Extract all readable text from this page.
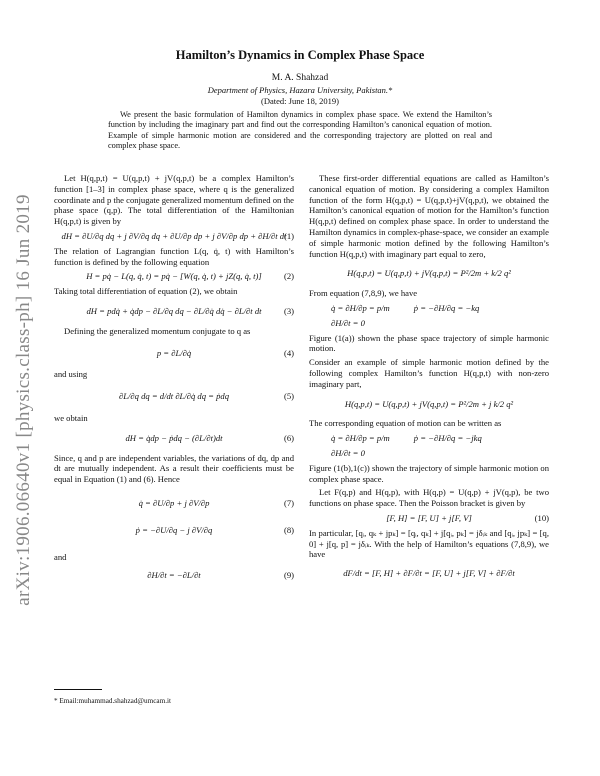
arXiv:1906.06640v1 [physics.class-ph] 16 Jun 2019
Hamilton’s Dynamics in Complex Phase Space
M. A. Shahzad
Department of Physics, Hazara University, Pakistan.*
(Dated: June 18, 2019)
We present the basic formulation of Hamilton dynamics in complex phase space. We extend the Hamilton’s function by including the imaginary part and find out the corresponding Hamilton’s canonical equation of motion. Example of simple harmonic motion are considered and the corresponding trajectory are plotted on real and complex phase space.

Let H(q,p,t) = U(q,p,t) + jV(q,p,t) be a complex Hamilton’s function [1–3] in complex phase space, where q is the generalized coordinate and p the conjugate generalized momentum defined on the phase space (q,p). The total differentiation of the Hamiltonian H(q,p,t) is given by

dH = ∂U/∂q dq + j ∂V/∂q dq + ∂U/∂p dp + j ∂V/∂p dp + ∂H/∂t dt
(1)

The relation of Lagrangian function L(q, q̇, t) with Hamilton’s function is defined by the following equation

H = pq̇ − L(q, q̇, t) = pq̇ − [W(q, q̇, t) + jZ(q, q̇, t)]	(2)

Taking total differentiation of equation (2), we obtain

dH = pdq̇ + q̇dp − ∂L/∂q dq − ∂L/∂q̇ dq̇ − ∂L/∂t dt	(3)

Defining the generalized momentum conjugate to q as

p = ∂L/∂q̇	(4)

and using

∂L/∂q dq = d/dt ∂L/∂q̇ dq = ṗdq	(5)

we obtain

dH = q̇dp − ṗdq − (∂L/∂t)dt	(6)

Since, q and p are independent variables, the variations of dq, dp and dt are mutually independent. As a result their coefficients must be equal in Equation (1) and (6). Hence

q̇ = ∂U/∂p + j ∂V/∂p	(7)
ṗ = −∂U/∂q − j ∂V/∂q	(8)

and

∂H/∂t = −∂L/∂t	(9)

These first-order differential equations are called as Hamilton’s canonical equation of motion. By considering a complex Hamilton function of the form H(q,p,t) = U(q,p,t)+jV(q,p,t), we obtained the Hamilton’s canonical equation of motion for the Hamilton’s function H(q,p,t) defined on complex phase space. In order to understand the Hamilton dynamics in complex-phase-space, we consider an example of simple harmonic motion defined by the following Hamilton’s function H(q,p,t) with imaginary part equal to zero,

H(q,p,t) = U(q,p,t) + jV(q,p,t) = P²/2m + k/2 q²

From equation (7,8,9), we have

q̇ = ∂H/∂p = p/m	ṗ = −∂H/∂q = −kq
∂H/∂t = 0

Figure (1(a)) shown the phase space trajectory of simple harmonic motion.

Consider an example of simple harmonic motion defined by the following complex Hamilton’s function H(q,p,t) with non-zero imaginary part,

H(q,p,t) = U(q,p,t) + jV(q,p,t) = P²/2m + j k/2 q²

The corresponding equation of motion can be written as

q̇ = ∂H/∂p = p/m	ṗ = −∂H/∂q = −jkq
∂H/∂t = 0

Figure (1(b),1(c)) shown the trajectory of simple harmonic motion on complex phase space.

Let F(q,p) and H(q,p), with H(q,p) = U(q,p) + jV(q,p), be two functions on phase space. Then the Poisson bracket is given by

[F, H] = [F, U] + j[F, V]	(10)

In particular, [qᵢ, qₖ + jpₖ] = [qᵢ, qₖ] + j[qᵢ, pₖ] = jδᵢₖ and [qᵢ, jpₖ] = [q, 0] + j[q, p] = jδᵢₖ. With the help of Hamilton’s equations (7,8,9), we have

dF/dt = [F, H] + ∂F/∂t = [F, U] + j[F, V] + ∂F/∂t
* Email:muhammad.shahzad@umcam.it
